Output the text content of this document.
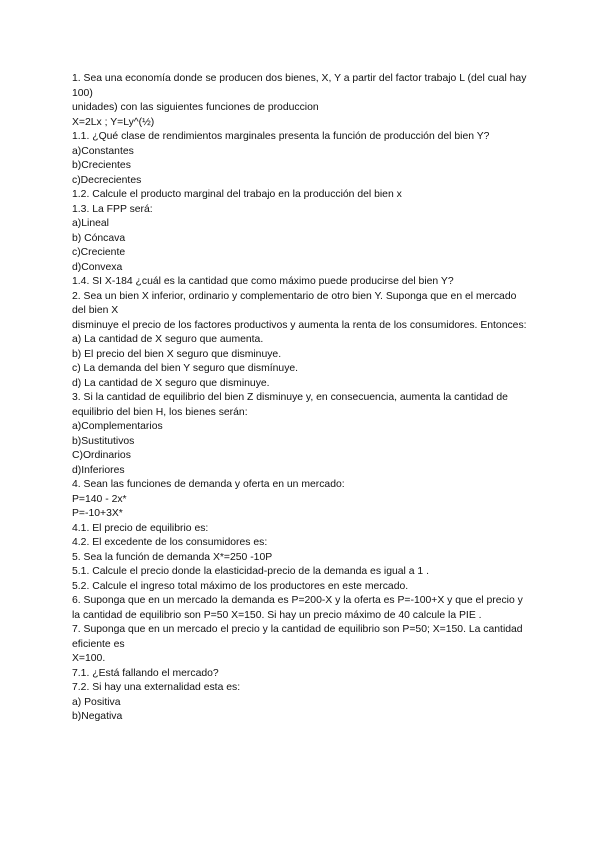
1. Sea una economía donde se producen dos bienes, X, Y a partir del factor trabajo L (del cual hay 100)

unidades) con las siguientes funciones de produccion

X=2Lx ; Y=Ly^(½)

1.1. ¿Qué clase de rendimientos marginales presenta la función de producción del bien Y?

a)Constantes

b)Crecientes

c)Decrecientes

1.2. Calcule el producto marginal del trabajo en la producción del bien x

1.3. La FPP será:

a)Lineal

b) Cóncava

c)Creciente

d)Convexa

1.4. SI X-184 ¿cuál es la cantidad que como máximo puede producirse del bien Y?

2. Sea un bien X inferior, ordinario y complementario de otro bien Y. Suponga que en el mercado del bien X

disminuye el precio de los factores productivos y aumenta la renta de los consumidores. Entonces:

a) La cantidad de X seguro que aumenta.

b) El precio del bien X seguro que disminuye.

c) La demanda del bien Y seguro que dismínuye.

d) La cantidad de X seguro que disminuye.

3. Si la cantidad de equilibrio del bien Z disminuye y, en consecuencia, aumenta la cantidad de equilibrio del bien H, los bienes serán:

a)Complementarios

b)Sustitutivos

C)Ordinarios

d)Inferiores

4. Sean las funciones de demanda y oferta en un mercado:

P=140 - 2x*

P=-10+3X*

4.1. El precio de equilibrio es:

4.2. El excedente de los consumidores es:

5. Sea la función de demanda X*=250 -10P

5.1. Calcule el precio donde la elasticidad-precio de la demanda es igual a 1 .

5.2. Calcule el ingreso total máximo de los productores en este mercado.

6. Suponga que en un mercado la demanda es P=200-X y la oferta es P=-100+X y que el precio y la cantidad de equilibrio son P=50 X=150. Si hay un precio máximo de 40 calcule la PIE .

7. Suponga que en un mercado el precio y la cantidad de equilibrio son P=50; X=150. La cantidad eficiente es

X=100.

7.1. ¿Está fallando el mercado?

7.2. Si hay una externalidad esta es:

a) Positiva

b)Negativa
